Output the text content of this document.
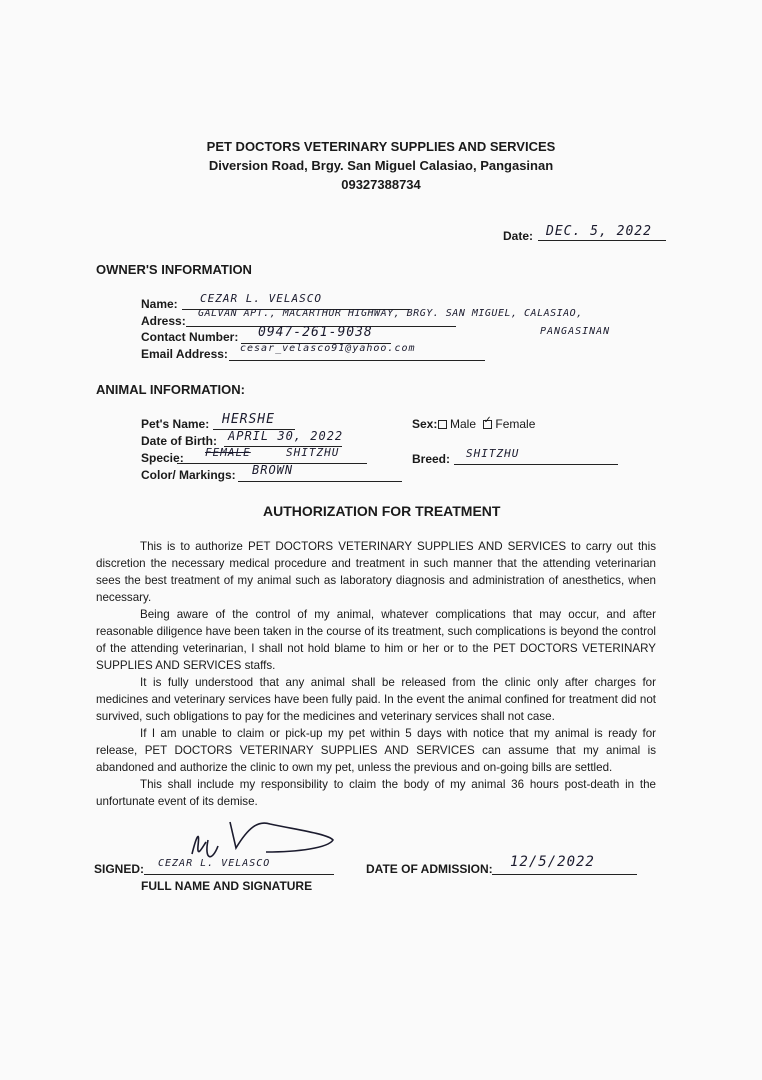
PET DOCTORS VETERINARY SUPPLIES AND SERVICES
Diversion Road, Brgy. San Miguel Calasiao, Pangasinan
09327388734
Date: DEC. 5, 2022
OWNER'S INFORMATION
Name: CEZAR L. VELASCO
Adress:
GALVAN APT., MACARTHUR HIGHWAY, BRGY. SAN MIGUEL, CALASIAO,
PANGASINAN
Contact Number: 0947-261-9038
Email Address: cesar_velasco91@yahoo.com
ANIMAL INFORMATION:
Pet's Name: HERSHE
Date of Birth: APRIL 30, 2022
Specie: FEMALE	SHITZHU
Color/ Markings: BROWN
Sex:	Male ✓ Female
Breed: SHITZHU
AUTHORIZATION FOR TREATMENT
This is to authorize PET DOCTORS VETERINARY SUPPLIES AND SERVICES to carry out this discretion the necessary medical procedure and treatment in such manner that the attending veterinarian sees the best treatment of my animal such as laboratory diagnosis and administration of anesthetics, when necessary.
Being aware of the control of my animal, whatever complications that may occur, and after reasonable diligence have been taken in the course of its treatment, such complications is beyond the control of the attending veterinarian, I shall not hold blame to him or her or to the PET DOCTORS VETERINARY SUPPLIES AND SERVICES staffs.
It is fully understood that any animal shall be released from the clinic only after charges for medicines and veterinary services have been fully paid. In the event the animal confined for treatment did not survived, such obligations to pay for the medicines and veterinary services shall not case.
If I am unable to claim or pick-up my pet within 5 days with notice that my animal is ready for release, PET DOCTORS VETERINARY SUPPLIES AND SERVICES can assume that my animal is abandoned and authorize the clinic to own my pet, unless the previous and on-going bills are settled.
This shall include my responsibility to claim the body of my animal 36 hours post-death in the unfortunate event of its demise.
SIGNED: CEZAR L. VELASCO
FULL NAME AND SIGNATURE
DATE OF ADMISSION: 12/5/2022
